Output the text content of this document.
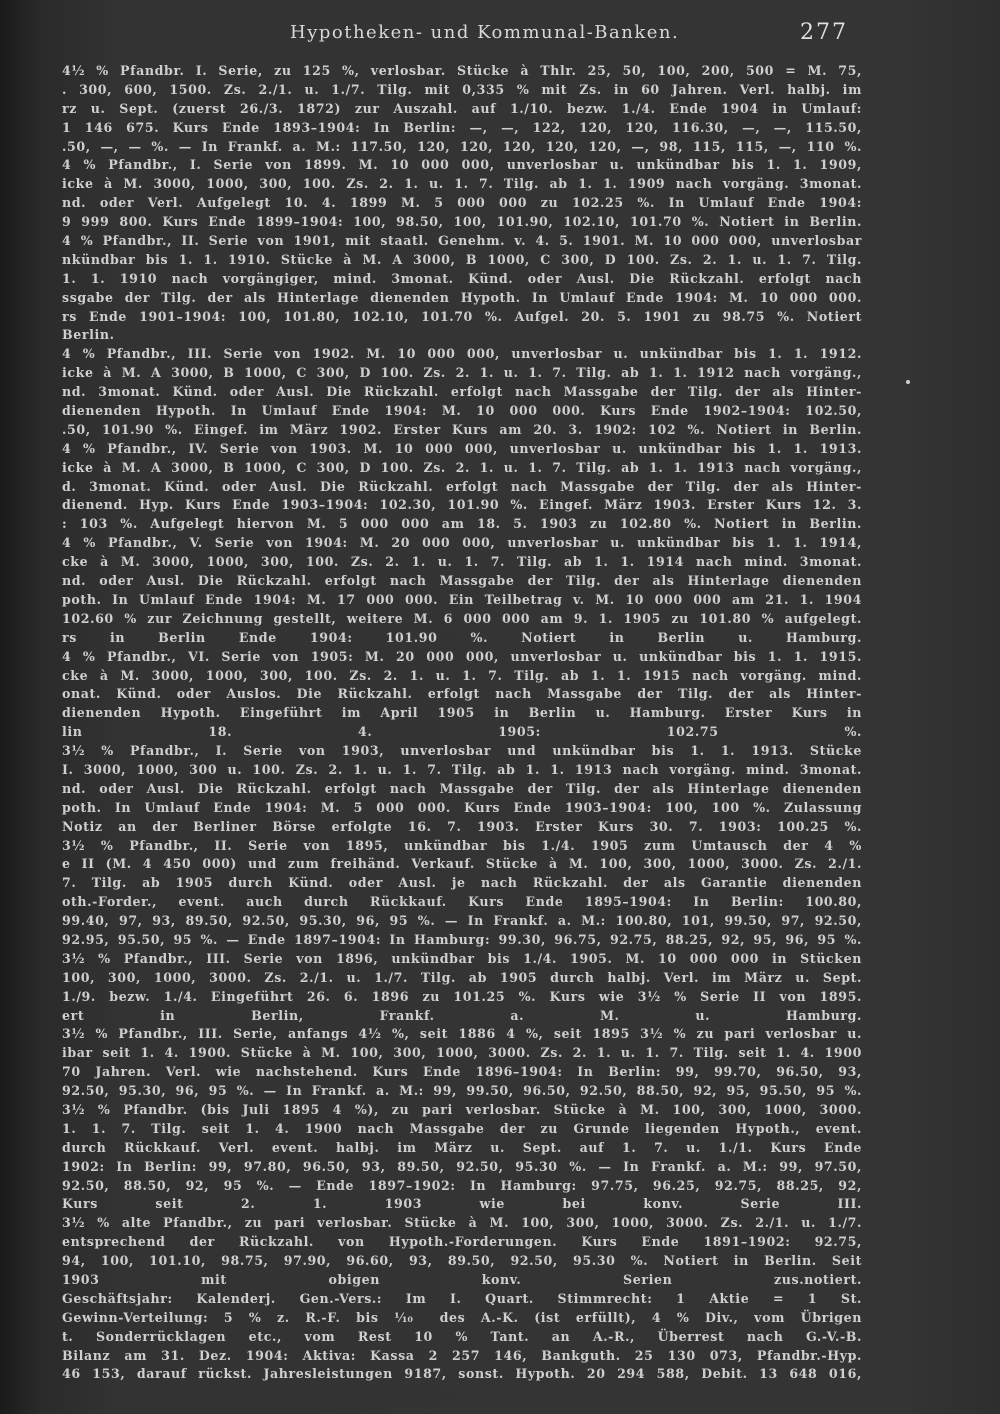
Hypotheken- und Kommunal-Banken.	277
4½ % Pfandbr. I. Serie, zu 125 %, verlosbar. Stücke à Thlr. 25, 50, 100, 200, 500 = M. 75,
. 300, 600, 1500. Zs. 2./1. u. 1./7. Tilg. mit 0,335 % mit Zs. in 60 Jahren. Verl. halbj. im
rz u. Sept. (zuerst 26./3. 1872) zur Auszahl. auf 1./10. bezw. 1./4. Ende 1904 in Umlauf:
1 146 675. Kurs Ende 1893–1904: In Berlin: —, —, 122, 120, 120, 116.30, —, —, 115.50,
.50, —, — %. — In Frankf. a. M.: 117.50, 120, 120, 120, 120, 120, —, 98, 115, 115, —, 110 %.
4 % Pfandbr., I. Serie von 1899. M. 10 000 000, unverlosbar u. unkündbar bis 1. 1. 1909,
icke à M. 3000, 1000, 300, 100. Zs. 2. 1. u. 1. 7. Tilg. ab 1. 1. 1909 nach vorgäng. 3monat.
nd. oder Verl. Aufgelegt 10. 4. 1899 M. 5 000 000 zu 102.25 %. In Umlauf Ende 1904:
9 999 800. Kurs Ende 1899–1904: 100, 98.50, 100, 101.90, 102.10, 101.70 %. Notiert in Berlin.
4 % Pfandbr., II. Serie von 1901, mit staatl. Genehm. v. 4. 5. 1901. M. 10 000 000, unverlosbar
nkündbar bis 1. 1. 1910. Stücke à M. A 3000, B 1000, C 300, D 100. Zs. 2. 1. u. 1. 7. Tilg.
1. 1. 1910 nach vorgängiger, mind. 3monat. Künd. oder Ausl. Die Rückzahl. erfolgt nach
ssgabe der Tilg. der als Hinterlage dienenden Hypoth. In Umlauf Ende 1904: M. 10 000 000.
rs Ende 1901–1904: 100, 101.80, 102.10, 101.70 %. Aufgel. 20. 5. 1901 zu 98.75 %. Notiert
Berlin.
4 % Pfandbr., III. Serie von 1902. M. 10 000 000, unverlosbar u. unkündbar bis 1. 1. 1912.
icke à M. A 3000, B 1000, C 300, D 100. Zs. 2. 1. u. 1. 7. Tilg. ab 1. 1. 1912 nach vorgäng.,
nd. 3monat. Künd. oder Ausl. Die Rückzahl. erfolgt nach Massgabe der Tilg. der als Hinter-
dienenden Hypoth. In Umlauf Ende 1904: M. 10 000 000. Kurs Ende 1902–1904: 102.50,
.50, 101.90 %. Eingef. im März 1902. Erster Kurs am 20. 3. 1902: 102 %. Notiert in Berlin.
4 % Pfandbr., IV. Serie von 1903. M. 10 000 000, unverlosbar u. unkündbar bis 1. 1. 1913.
icke à M. A 3000, B 1000, C 300, D 100. Zs. 2. 1. u. 1. 7. Tilg. ab 1. 1. 1913 nach vorgäng.,
d. 3monat. Künd. oder Ausl. Die Rückzahl. erfolgt nach Massgabe der Tilg. der als Hinter-
dienend. Hyp. Kurs Ende 1903–1904: 102.30, 101.90 %. Eingef. März 1903. Erster Kurs 12. 3.
: 103 %. Aufgelegt hiervon M. 5 000 000 am 18. 5. 1903 zu 102.80 %. Notiert in Berlin.
4 % Pfandbr., V. Serie von 1904: M. 20 000 000, unverlosbar u. unkündbar bis 1. 1. 1914,
cke à M. 3000, 1000, 300, 100. Zs. 2. 1. u. 1. 7. Tilg. ab 1. 1. 1914 nach mind. 3monat.
nd. oder Ausl. Die Rückzahl. erfolgt nach Massgabe der Tilg. der als Hinterlage dienenden
poth. In Umlauf Ende 1904: M. 17 000 000. Ein Teilbetrag v. M. 10 000 000 am 21. 1. 1904
102.60 % zur Zeichnung gestellt, weitere M. 6 000 000 am 9. 1. 1905 zu 101.80 % aufgelegt.
rs in Berlin Ende 1904: 101.90 %. Notiert in Berlin u. Hamburg.
4 % Pfandbr., VI. Serie von 1905: M. 20 000 000, unverlosbar u. unkündbar bis 1. 1. 1915.
cke à M. 3000, 1000, 300, 100. Zs. 2. 1. u. 1. 7. Tilg. ab 1. 1. 1915 nach vorgäng. mind.
onat. Künd. oder Auslos. Die Rückzahl. erfolgt nach Massgabe der Tilg. der als Hinter-
dienenden Hypoth. Eingeführt im April 1905 in Berlin u. Hamburg. Erster Kurs in
lin 18. 4. 1905: 102.75 %.
3½ % Pfandbr., I. Serie von 1903, unverlosbar und unkündbar bis 1. 1. 1913. Stücke
I. 3000, 1000, 300 u. 100. Zs. 2. 1. u. 1. 7. Tilg. ab 1. 1. 1913 nach vorgäng. mind. 3monat.
nd. oder Ausl. Die Rückzahl. erfolgt nach Massgabe der Tilg. der als Hinterlage dienenden
poth. In Umlauf Ende 1904: M. 5 000 000. Kurs Ende 1903–1904: 100, 100 %. Zulassung
Notiz an der Berliner Börse erfolgte 16. 7. 1903. Erster Kurs 30. 7. 1903: 100.25 %.
3½ % Pfandbr., II. Serie von 1895, unkündbar bis 1./4. 1905 zum Umtausch der 4 %
e II (M. 4 450 000) und zum freihänd. Verkauf. Stücke à M. 100, 300, 1000, 3000. Zs. 2./1.
7. Tilg. ab 1905 durch Künd. oder Ausl. je nach Rückzahl. der als Garantie dienenden
oth.-Forder., event. auch durch Rückkauf. Kurs Ende 1895–1904: In Berlin: 100.80,
99.40, 97, 93, 89.50, 92.50, 95.30, 96, 95 %. — In Frankf. a. M.: 100.80, 101, 99.50, 97, 92.50,
92.95, 95.50, 95 %. — Ende 1897–1904: In Hamburg: 99.30, 96.75, 92.75, 88.25, 92, 95, 96, 95 %.
3½ % Pfandbr., III. Serie von 1896, unkündbar bis 1./4. 1905. M. 10 000 000 in Stücken
100, 300, 1000, 3000. Zs. 2./1. u. 1./7. Tilg. ab 1905 durch halbj. Verl. im März u. Sept.
1./9. bezw. 1./4. Eingeführt 26. 6. 1896 zu 101.25 %. Kurs wie 3½ % Serie II von 1895.
ert in Berlin, Frankf. a. M. u. Hamburg.
3½ % Pfandbr., III. Serie, anfangs 4½ %, seit 1886 4 %, seit 1895 3½ % zu pari verlosbar u.
ibar seit 1. 4. 1900. Stücke à M. 100, 300, 1000, 3000. Zs. 2. 1. u. 1. 7. Tilg. seit 1. 4. 1900
70 Jahren. Verl. wie nachstehend. Kurs Ende 1896–1904: In Berlin: 99, 99.70, 96.50, 93,
92.50, 95.30, 96, 95 %. — In Frankf. a. M.: 99, 99.50, 96.50, 92.50, 88.50, 92, 95, 95.50, 95 %.
3½ % Pfandbr. (bis Juli 1895 4 %), zu pari verlosbar. Stücke à M. 100, 300, 1000, 3000.
1. 1. 7. Tilg. seit 1. 4. 1900 nach Massgabe der zu Grunde liegenden Hypoth., event.
durch Rückkauf. Verl. event. halbj. im März u. Sept. auf 1. 7. u. 1./1. Kurs Ende
1902: In Berlin: 99, 97.80, 96.50, 93, 89.50, 92.50, 95.30 %. — In Frankf. a. M.: 99, 97.50,
92.50, 88.50, 92, 95 %. — Ende 1897–1902: In Hamburg: 97.75, 96.25, 92.75, 88.25, 92,
Kurs seit 2. 1. 1903 wie bei konv. Serie III.
3½ % alte Pfandbr., zu pari verlosbar. Stücke à M. 100, 300, 1000, 3000. Zs. 2./1. u. 1./7.
entsprechend der Rückzahl. von Hypoth.-Forderungen. Kurs Ende 1891–1902: 92.75,
94, 100, 101.10, 98.75, 97.90, 96.60, 93, 89.50, 92.50, 95.30 %. Notiert in Berlin. Seit
1903 mit obigen konv. Serien zus.notiert.
Geschäftsjahr: Kalenderj. Gen.-Vers.: Im I. Quart. Stimmrecht: 1 Aktie = 1 St.
Gewinn-Verteilung: 5 % z. R.-F. bis ⅒ des A.-K. (ist erfüllt), 4 % Div., vom Übrigen
t. Sonderrücklagen etc., vom Rest 10 % Tant. an A.-R., Überrest nach G.-V.-B.
Bilanz am 31. Dez. 1904: Aktiva: Kassa 2 257 146, Bankguth. 25 130 073, Pfandbr.-Hyp.
46 153, darauf rückst. Jahresleistungen 9187, sonst. Hypoth. 20 294 588, Debit. 13 648 016,
